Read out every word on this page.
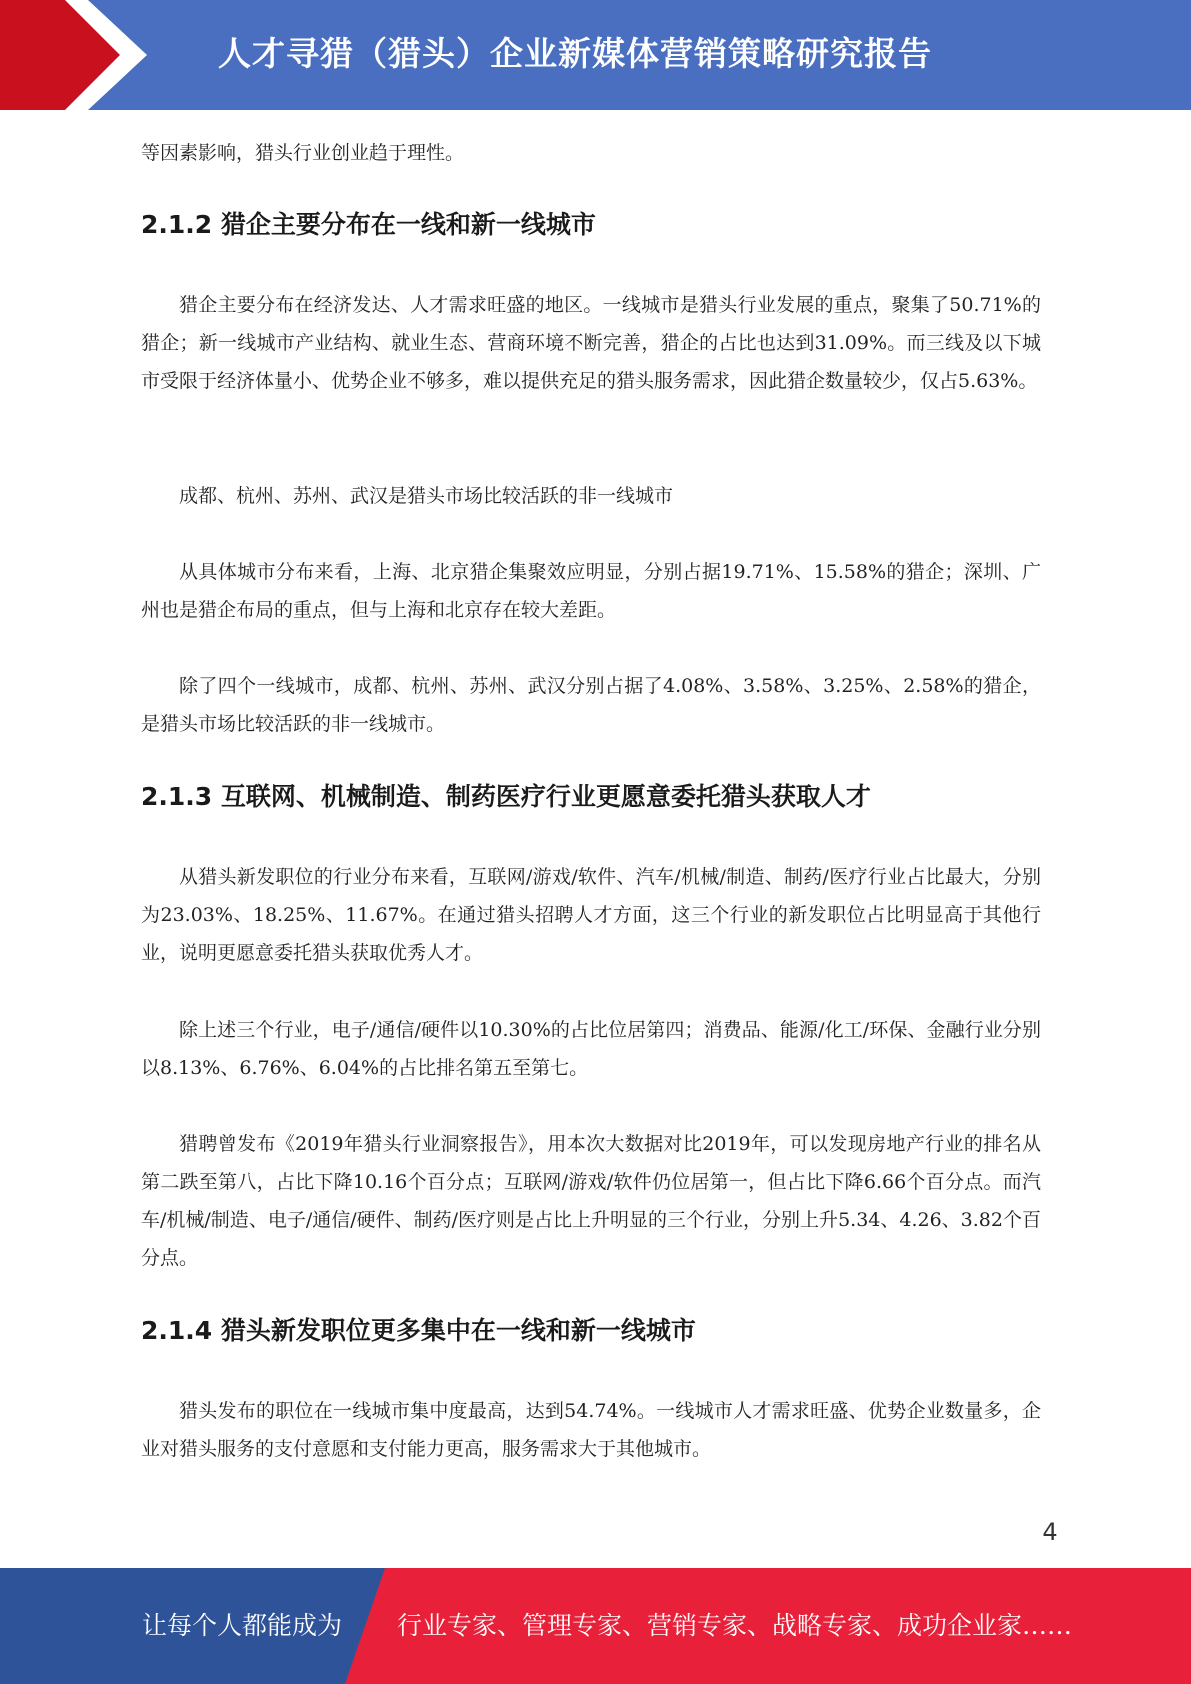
人才寻猎（猎头）企业新媒体营销策略研究报告

等因素影响，猎头行业创业趋于理性。

2.1.2 猎企主要分布在一线和新一线城市

猎企主要分布在经济发达、人才需求旺盛的地区。一线城市是猎头行业发展的重点，聚集了50.71%的猎企；新一线城市产业结构、就业生态、营商环境不断完善，猎企的占比也达到31.09%。而三线及以下城市受限于经济体量小、优势企业不够多，难以提供充足的猎头服务需求，因此猎企数量较少，仅占5.63%。

成都、杭州、苏州、武汉是猎头市场比较活跃的非一线城市

从具体城市分布来看，上海、北京猎企集聚效应明显，分别占据19.71%、15.58%的猎企；深圳、广州也是猎企布局的重点，但与上海和北京存在较大差距。

除了四个一线城市，成都、杭州、苏州、武汉分别占据了4.08%、3.58%、3.25%、2.58%的猎企，是猎头市场比较活跃的非一线城市。

2.1.3 互联网、机械制造、制药医疗行业更愿意委托猎头获取人才

从猎头新发职位的行业分布来看，互联网/游戏/软件、汽车/机械/制造、制药/医疗行业占比最大，分别为23.03%、18.25%、11.67%。在通过猎头招聘人才方面，这三个行业的新发职位占比明显高于其他行业，说明更愿意委托猎头获取优秀人才。

除上述三个行业，电子/通信/硬件以10.30%的占比位居第四；消费品、能源/化工/环保、金融行业分别以8.13%、6.76%、6.04%的占比排名第五至第七。

猎聘曾发布《2019年猎头行业洞察报告》，用本次大数据对比2019年，可以发现房地产行业的排名从第二跌至第八，占比下降10.16个百分点；互联网/游戏/软件仍位居第一，但占比下降6.66个百分点。而汽车/机械/制造、电子/通信/硬件、制药/医疗则是占比上升明显的三个行业，分别上升5.34、4.26、3.82个百分点。

2.1.4 猎头新发职位更多集中在一线和新一线城市

猎头发布的职位在一线城市集中度最高，达到54.74%。一线城市人才需求旺盛、优势企业数量多，企业对猎头服务的支付意愿和支付能力更高，服务需求大于其他城市。

4
让每个人都能成为 行业专家、管理专家、营销专家、战略专家、成功企业家……
